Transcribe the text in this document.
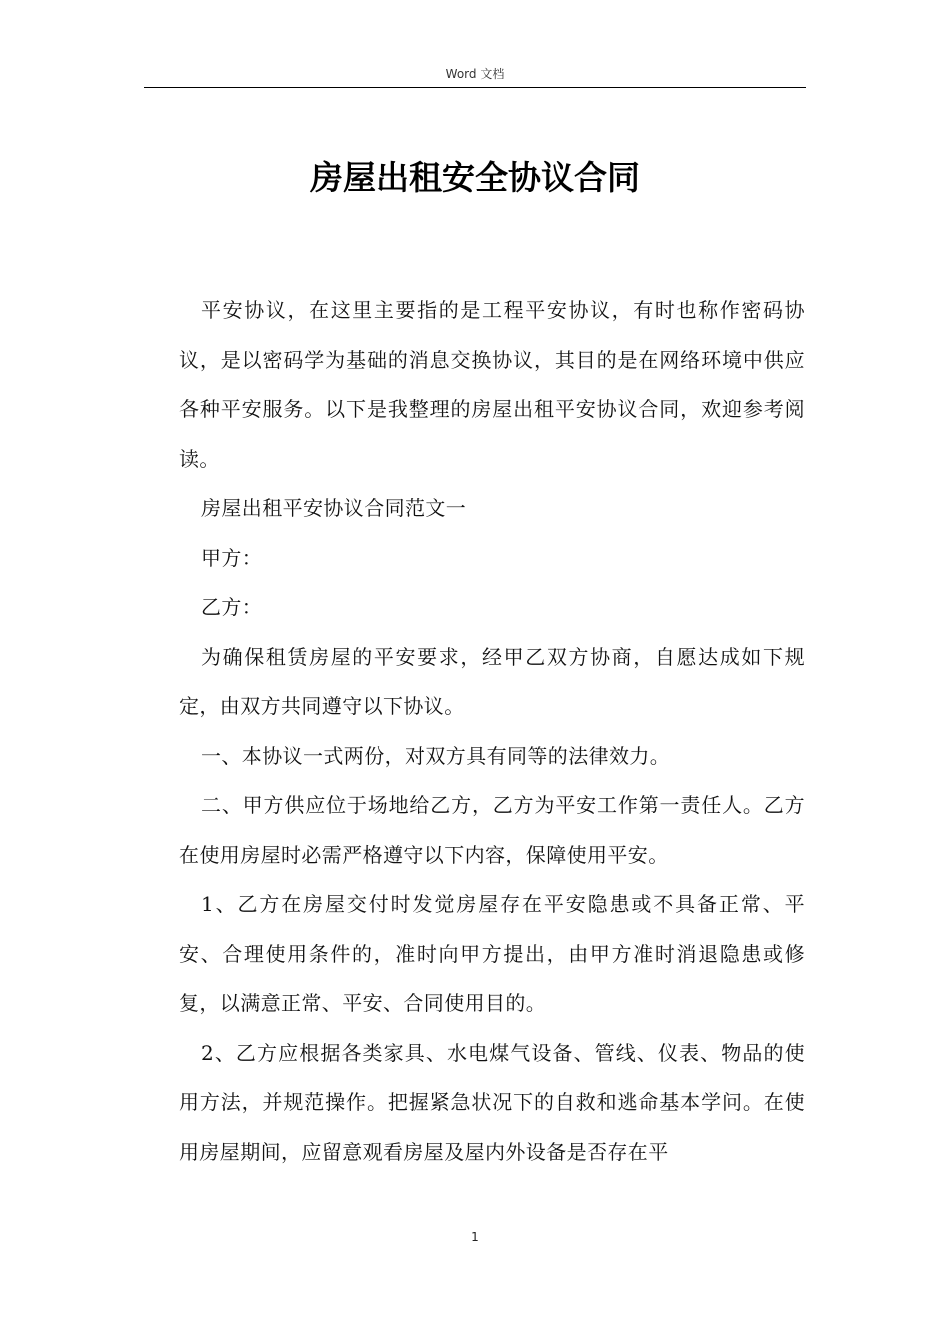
Word 文档
房屋出租安全协议合同

平安协议，在这里主要指的是工程平安协议，有时也称作密码协议，是以密码学为基础的消息交换协议，其目的是在网络环境中供应各种平安服务。以下是我整理的房屋出租平安协议合同，欢迎参考阅读。

房屋出租平安协议合同范文一

甲方：

乙方：

为确保租赁房屋的平安要求，经甲乙双方协商，自愿达成如下规定，由双方共同遵守以下协议。

一、本协议一式两份，对双方具有同等的法律效力。

二、甲方供应位于场地给乙方，乙方为平安工作第一责任人。乙方在使用房屋时必需严格遵守以下内容，保障使用平安。

1、乙方在房屋交付时发觉房屋存在平安隐患或不具备正常、平安、合理使用条件的，准时向甲方提出，由甲方准时消退隐患或修复，以满意正常、平安、合同使用目的。

2、乙方应根据各类家具、水电煤气设备、管线、仪表、物品的使用方法，并规范操作。把握紧急状况下的自救和逃命基本学问。在使用房屋期间，应留意观看房屋及屋内外设备是否存在平

1
